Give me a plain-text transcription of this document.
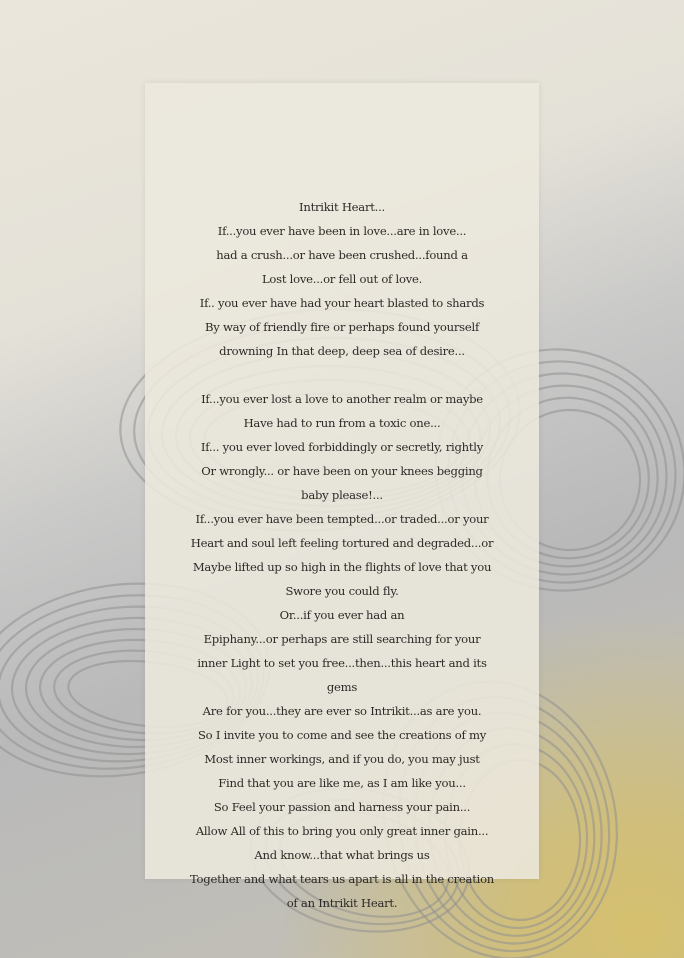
Intrikit Heart...
If...you ever have been in love...are in love...
had a crush...or have been crushed...found a
Lost love...or fell out of love.
If.. you ever have had your heart blasted to shards
By way of friendly fire or perhaps found yourself
drowning In that deep, deep sea of desire...
If...you ever lost a love to another realm or maybe
Have had to run from a toxic one...
If... you ever loved forbiddingly or secretly, rightly
Or wrongly... or have been on your knees begging
baby please!...
If...you ever have been tempted...or traded...or your
Heart and soul left feeling tortured and degraded...or
Maybe lifted up so high in the flights of love that you
Swore you could fly.
Or...if you ever had an
Epiphany...or perhaps are still searching for your
inner Light to set you free...then...this heart and its
gems
Are for you...they are ever so Intrikit...as are you.
So I invite you to come and see the creations of my
Most inner workings, and if you do, you may just
Find that you are like me, as I am like you...
So Feel your passion and harness your pain...
Allow All of this to bring you only great inner gain...
And know...that what brings us
Together and what tears us apart is all in the creation
of an Intrikit Heart.
